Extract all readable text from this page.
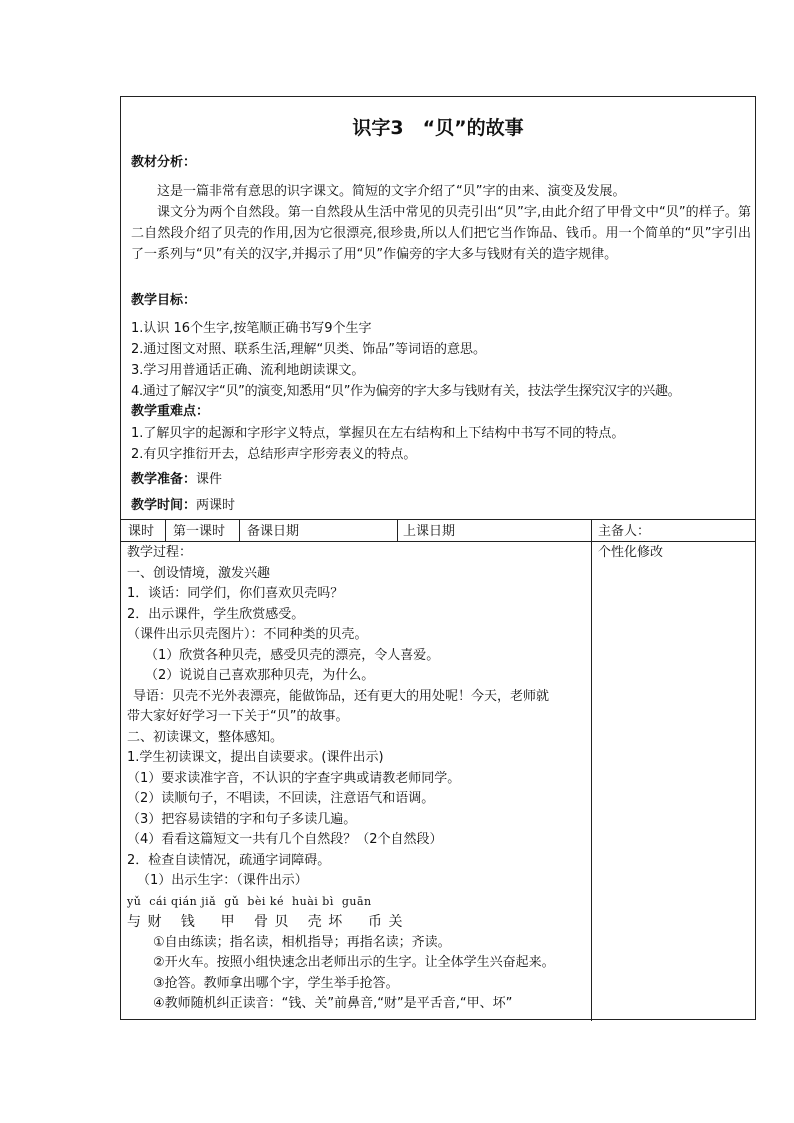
识字3　“贝”的故事
教材分析：
这是一篇非常有意思的识字课文。简短的文字介绍了“贝”字的由来、演变及发展。
课文分为两个自然段。第一自然段从生活中常见的贝壳引出“贝”字,由此介绍了甲骨文中“贝”的样子。第二自然段介绍了贝壳的作用,因为它很漂亮,很珍贵,所以人们把它当作饰品、钱币。用一个简单的“贝”字引出了一系列与“贝”有关的汉字,并揭示了用“贝”作偏旁的字大多与钱财有关的造字规律。
教学目标：
1.认识 16个生字,按笔顺正确书写9个生字
2.通过图文对照、联系生活,理解“贝类、饰品”等词语的意思。
3.学习用普通话正确、流利地朗读课文。
4.通过了解汉字“贝”的演变,知悉用“贝”作为偏旁的字大多与钱财有关，技法学生探究汉字的兴趣。
教学重难点：
1.了解贝字的起源和字形字义特点，掌握贝在左右结构和上下结构中书写不同的特点。
2.有贝字推衍开去，总结形声字形旁表义的特点。
教学准备：课件
教学时间：两课时
课时 第一课时 备课日期	上课日期	主备人：
个性化修改
教学过程：
一、创设情境，激发兴趣
1．谈话：同学们，你们喜欢贝壳吗？
2．出示课件，学生欣赏感受。
（课件出示贝壳图片）：不同种类的贝壳。
（1）欣赏各种贝壳，感受贝壳的漂亮，令人喜爱。
（2）说说自己喜欢那种贝壳，为什么。
导语：贝壳不光外表漂亮，能做饰品，还有更大的用处呢！今天，老师就
带大家好好学习一下关于“贝”的故事。
二、初读课文，整体感知。
1.学生初读课文，提出自读要求。(课件出示)
（1）要求读准字音，不认识的字查字典或请教老师同学。
（2）读顺句子，不唱读，不回读，注意语气和语调。
（3）把容易读错的字和句子多读几遍。
（4）看看这篇短文一共有几个自然段？（2个自然段）
2．检查自读情况，疏通字词障碍。
（1）出示生字：（课件出示）
yǔ  cái qián jiǎ  gǔ  bèi ké  huài bì  guān
与 财   钱    甲   骨 贝   壳 坏    币 关
①自由练读；指名读，相机指导；再指名读；齐读。
②开火车。按照小组快速念出老师出示的生字。让全体学生兴奋起来。
③抢答。教师拿出哪个字，学生举手抢答。
④教师随机纠正读音：“钱、关”前鼻音,“财”是平舌音,“甲、坏”
